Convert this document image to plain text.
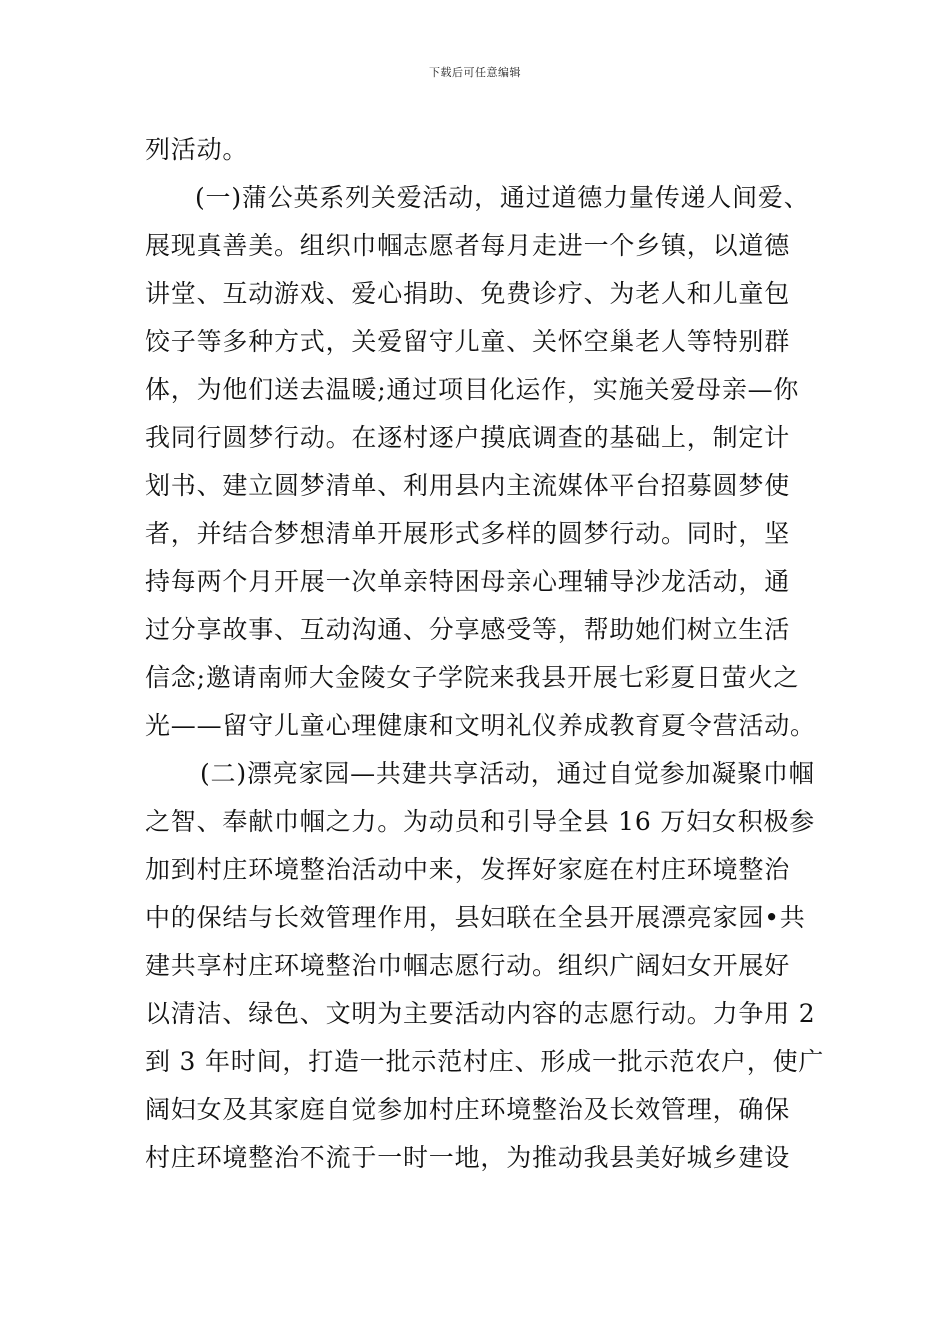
下载后可任意编辑
列活动。
(一)蒲公英系列关爱活动，通过道德力量传递人间爱、
展现真善美。组织巾帼志愿者每月走进一个乡镇，以道德
讲堂、互动游戏、爱心捐助、免费诊疗、为老人和儿童包
饺子等多种方式，关爱留守儿童、关怀空巢老人等特别群
体，为他们送去温暖;通过项目化运作，实施关爱母亲—你
我同行圆梦行动。在逐村逐户摸底调查的基础上，制定计
划书、建立圆梦清单、利用县内主流媒体平台招募圆梦使
者，并结合梦想清单开展形式多样的圆梦行动。同时，坚
持每两个月开展一次单亲特困母亲心理辅导沙龙活动，通
过分享故事、互动沟通、分享感受等，帮助她们树立生活
信念;邀请南师大金陵女子学院来我县开展七彩夏日萤火之
光——留守儿童心理健康和文明礼仪养成教育夏令营活动。
(二)漂亮家园—共建共享活动，通过自觉参加凝聚巾帼
之智、奉献巾帼之力。为动员和引导全县 16 万妇女积极参
加到村庄环境整治活动中来，发挥好家庭在村庄环境整治
中的保结与长效管理作用，县妇联在全县开展漂亮家园•共
建共享村庄环境整治巾帼志愿行动。组织广阔妇女开展好
以清洁、绿色、文明为主要活动内容的志愿行动。力争用 2
到 3 年时间，打造一批示范村庄、形成一批示范农户，使广
阔妇女及其家庭自觉参加村庄环境整治及长效管理，确保
村庄环境整治不流于一时一地，为推动我县美好城乡建设
